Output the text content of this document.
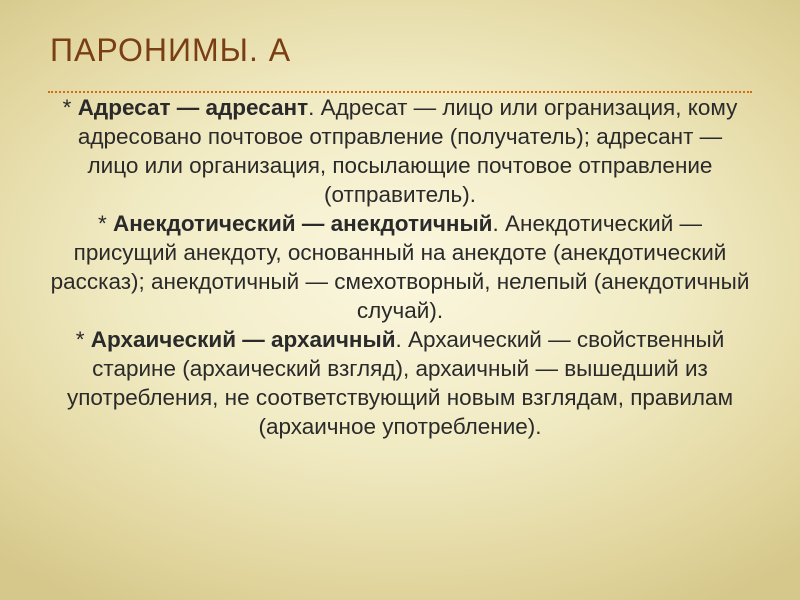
ПАРОНИМЫ. А

* Адресат — адресант. Адресат — лицо или огранизация, кому адресовано почтовое отправление (получатель); адресант — лицо или организация, посылающие почтовое отправление (отправитель).

* Анекдотический — анекдотичный. Анекдотический — присущий анекдоту, основанный на анекдоте (анекдотический рассказ); анекдотичный — смехотворный, нелепый (анекдотичный случай).

* Архаический — архаичный. Архаический — свойственный старине (архаический взгляд), архаичный — вышедший из употребления, не соответствующий новым взглядам, правилам (архаичное употребление).
